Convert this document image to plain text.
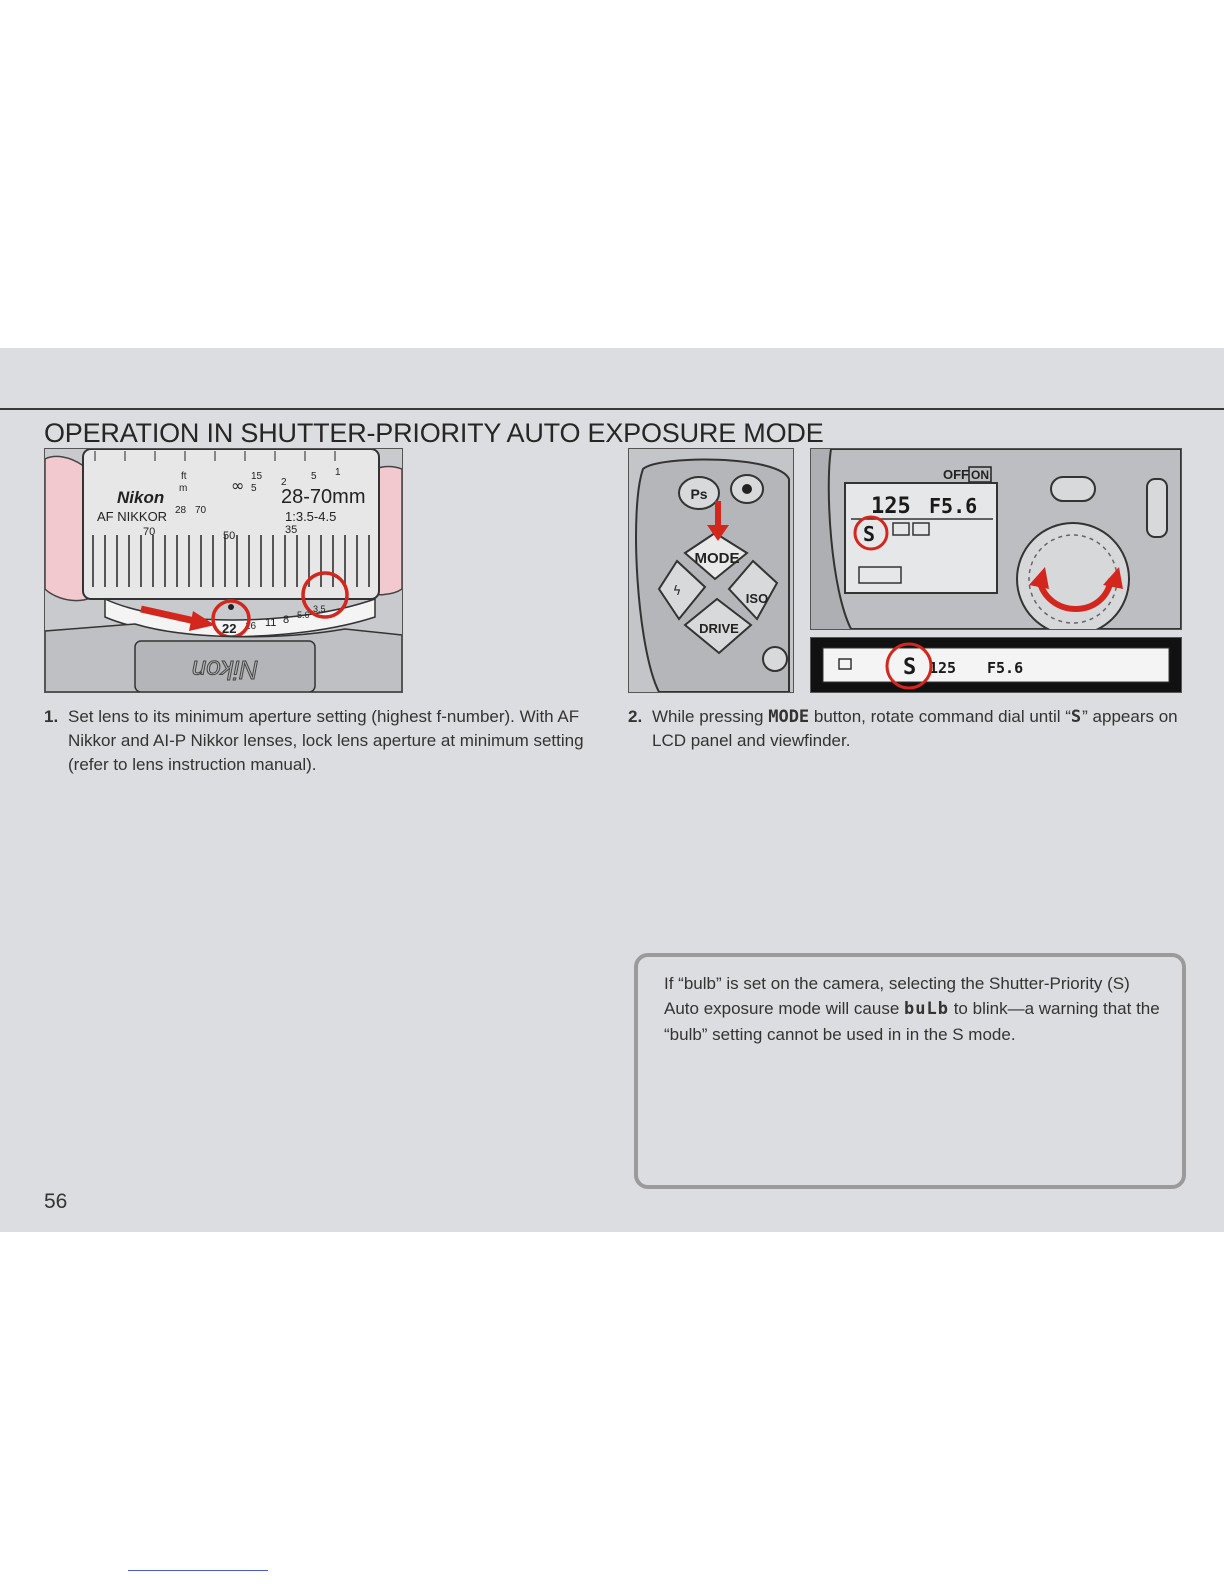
OPERATION IN SHUTTER-PRIORITY AUTO EXPOSURE MODE
Nikon
AF NIKKOR
28-70mm
1:3.5-4.5
ft
m	∞ 15
5
2
5 1
28 70
70	50	35
22 16 11 8 5.6
3.5
Nikon
Ps
MODE
ϟ	ISO
DRIVE
OFF ON
125 F5.6
S
S 125 F5.6
1. Set lens to its minimum aperture setting (highest f-number). With AF Nikkor and AI-P Nikkor lenses, lock lens aperture at minimum setting (refer to lens instruction manual).
2. While pressing MODE button, rotate command dial until “S” appears on LCD panel and viewfinder.

If “bulb” is set on the camera, selecting the Shutter-Priority (S) Auto exposure mode will cause buLb to blink—a warning that the “bulb” setting cannot be used in in the S mode.

56
